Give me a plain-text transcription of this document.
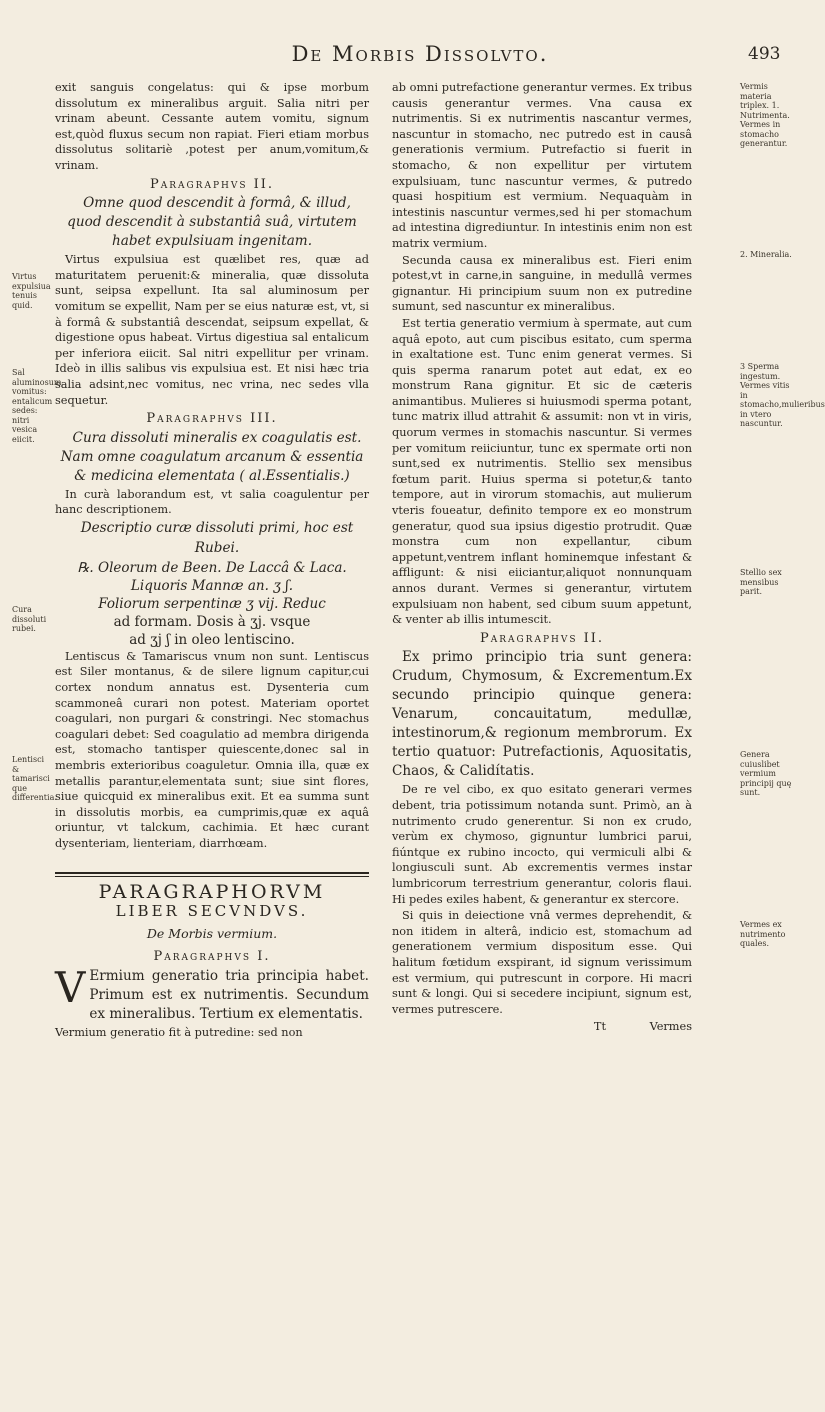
De Morbis Dissolvto.	493

exit sanguis congelatus: qui & ipse morbum dissolutum ex mineralibus arguit. Salia nitri per vrinam abeunt. Cessante autem vomitu, signum est,quòd fluxus secum non rapiat. Fieri etiam morbus dissolutus solitariè ,potest per anum,vomitum,& vrinam.

Paragraphvs II.

Omne quod descendit à formâ, & illud, quod descendit à substantiâ suâ, virtutem habet expulsiuam ingenitam.

Virtus expulsiua est quælibet res, quæ ad maturitatem peruenit:& mineralia, quæ dissoluta sunt, seipsa expellunt. Ita sal aluminosum per vomitum se expellit, Nam per se eius naturæ est, vt, si à formâ & substantiâ descendat, seipsum expellat, & digestione opus habeat. Virtus digestiua sal entalicum per inferiora eiicit. Sal nitri expellitur per vrinam. Ideò in illis salibus vis expulsiua est. Et nisi hæc tria salia adsint,nec vomitus, nec vrina, nec sedes vlla sequetur.

Paragraphvs III.

Cura dissoluti mineralis ex coagulatis est. Nam omne coagulatum arcanum & essentia & medicina elementata ( al.Essentialis.)

In curà laborandum est, vt salia coagulentur per hanc descriptionem.

Descriptio curæ dissoluti primi, hoc est

Rubei.

℞. Oleorum de Been. De Laccâ & Laca.
Liquoris Mannæ an. ʒ ʃ.
Foliorum serpentinæ ʒ vij. Reduc
ad formam. Dosis à ʒj. vsque
ad ʒj ʃ in oleo lentiscino.

Lentiscus & Tamariscus vnum non sunt. Lentiscus est Siler montanus, & de silere lignum capitur,cui cortex nondum annatus est. Dysenteria cum scammoneâ curari non potest. Materiam oportet coagulari, non purgari & constringi. Nec stomachus coagulari debet: Sed coagulatio ad membra dirigenda est, stomacho tantisper quiescente,donec sal in membris exterioribus coaguletur. Omnia illa, quæ ex metallis parantur,elementata sunt; siue sint flores, siue quicquid ex mineralibus exit. Et ea summa sunt in dissolutis morbis, ea cumprimis,quæ ex aquâ oriuntur, vt talckum, cachimia. Et hæc curant dysenteriam, lienteriam, diarrhœam.

PARAGRAPHORVM
LIBER SECVNDVS.
De Morbis vermium.
Paragraphvs I.

V Ermium generatio tria principia habet. Primum est ex nutrimentis. Secundum ex mineralibus. Tertium ex elementatis.

Vermium generatio fit à putredine: sed non

ab omni putrefactione generantur vermes. Ex tribus causis generantur vermes. Vna causa ex nutrimentis. Si ex nutrimentis nascantur vermes, nascuntur in stomacho, nec putredo est in causâ generationis vermium. Putrefactio si fuerit in stomacho, & non expellitur per virtutem expulsiuam, tunc nascuntur vermes, & putredo quasi hospitium est vermium. Nequaquàm in intestinis nascuntur vermes,sed hi per stomachum ad intestina digrediuntur. In intestinis enim non est matrix vermium.

Secunda causa ex mineralibus est. Fieri enim potest,vt in carne,in sanguine, in medullâ vermes gignantur. Hi principium suum non ex putredine sumunt, sed nascuntur ex mineralibus.

Est tertia generatio vermium à spermate, aut cum aquâ epoto, aut cum piscibus esitato, cum sperma in exaltatione est. Tunc enim generat vermes. Si quis sperma ranarum potet aut edat, ex eo monstrum Rana gignitur. Et sic de cæteris animantibus. Mulieres si huiusmodi sperma potant, tunc matrix illud attrahit & assumit: non vt in viris, quorum vermes in stomachis nascuntur. Si vermes per vomitum reiiciuntur, tunc ex spermate orti non sunt,sed ex nutrimentis. Stellio sex mensibus fœtum parit. Huius sperma si potetur,& tanto tempore, aut in virorum stomachis, aut mulierum vteris foueatur, definito tempore ex eo monstrum generatur, quod sua ipsius digestio protrudit. Quæ monstra cum non expellantur, cibum appetunt,ventrem inflant hominemque infestant & affligunt: & nisi eiiciantur,aliquot nonnunquam annos durant. Vermes si generantur, virtutem expulsiuam non habent, sed cibum suum appetunt, & venter ab illis intumescit.

Paragraphvs II.

Ex primo principio tria sunt genera: Crudum, Chymosum, & Excrementum.Ex secundo principio quinque genera: Venarum, concauitatum, medullæ, intestinorum,& regionum membrorum. Ex tertio quatuor: Putrefactionis, Aquositatis, Chaos, & Calidítatis.

De re vel cibo, ex quo esitato generari vermes debent, tria potissimum notanda sunt. Primò, an à nutrimento crudo generentur. Si non ex crudo, verùm ex chymoso, gignuntur lumbrici parui, fiúntque ex rubino incocto, qui vermiculi albi & longiusculi sunt. Ab excrementis vermes instar lumbricorum terrestrium generantur, coloris flaui. Hi pedes exiles habent, & generantur ex stercore.

Si quis in deiectione vnâ vermes deprehendit, & non itidem in alterâ, indicio est, stomachum ad generationem vermium dispositum esse. Qui halitum fœtidum exspirant, id signum verissimum est vermium, qui putrescunt in corpore. Hi macri sunt & longi. Qui si secedere incipiunt, signum est, vermes putrescere.

Tt	Vermes
Virtus expulsiua tenuis quid.
Sal aluminosum vomitus: entalicum sedes: nitri vesica eiicit.
Cura dissoluti rubei.
Lentisci & tamarisci que differentia.
Vermis materia triplex. 1. Nutrimenta. Vermes in stomacho generantur.
2. Mineralia.
3 Sperma ingestum. Vermes vitis in stomacho,mulieribus in vtero nascuntur.
Stellio sex mensibus parit.
Genera cuiuslibet vermium principij quę sunt.
Vermes ex nutrimento quales.
